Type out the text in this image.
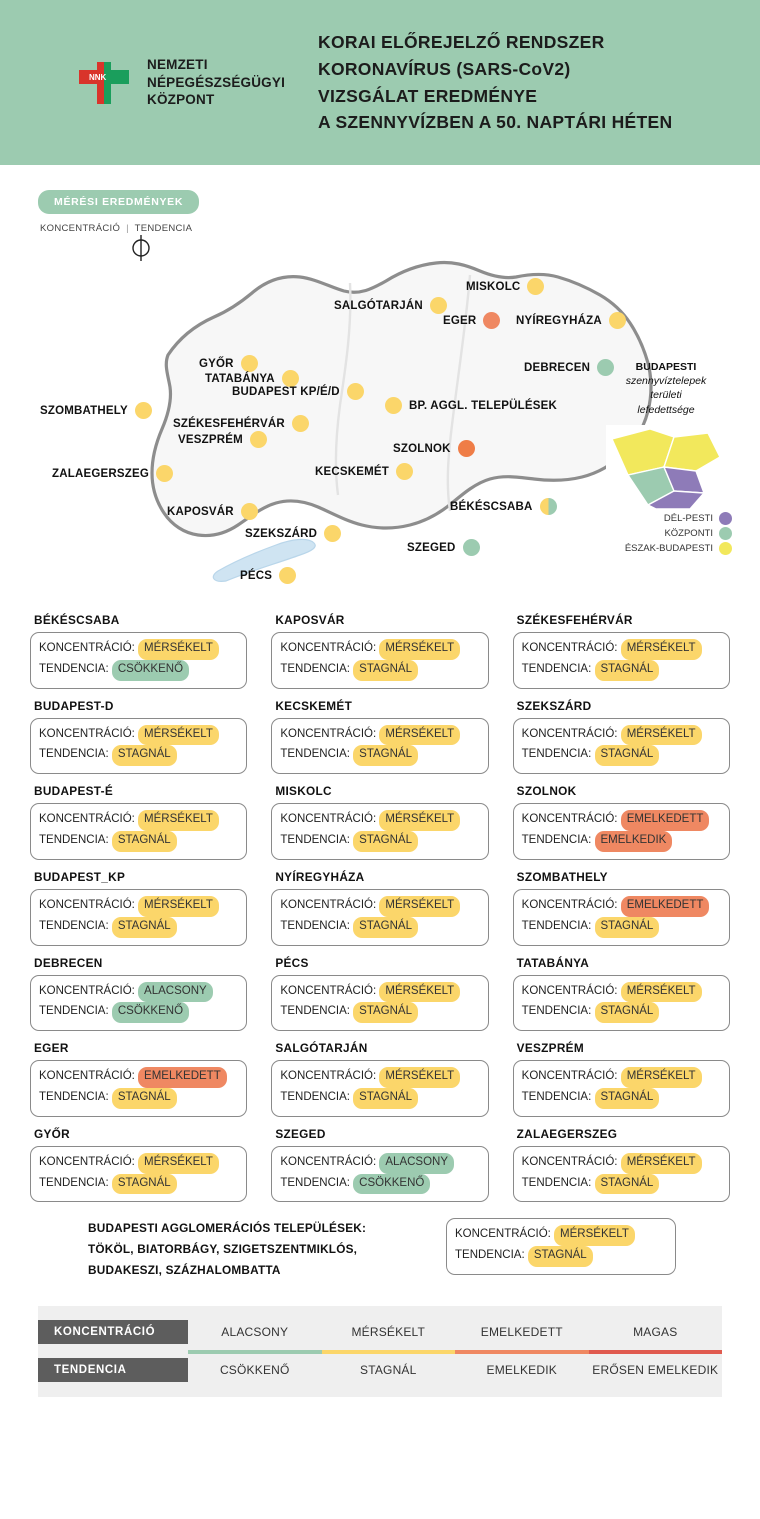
NNK
NEMZETI
NÉPEGÉSZSÉGÜGYI
KÖZPONT
KORAI ELŐREJELZŐ RENDSZER
KORONAVÍRUS (SARS-CoV2)
VIZSGÁLAT EREDMÉNYE
A SZENNYVÍZBEN A 50. NAPTÁRI HÉTEN
MÉRÉSI EREDMÉNYEK
KONCENTRÁCIÓ | TENDENCIA
BUDAPESTI
szennyvíztelepek
területi
lefedettsége
DÉL-PESTI
KÖZPONTI
ÉSZAK-BUDAPESTI
MISKOLC
SALGÓTARJÁN
EGER	NYÍREGYHÁZA
GYŐR	DEBRECEN
TATABÁNYA
BUDAPEST KP/É/D
BP. AGGL. TELEPÜLÉSEK
SZOMBATHELY
SZÉKESFEHÉRVÁR
VESZPRÉM
SZOLNOK
ZALAEGERSZEG	KECSKEMÉT
BÉKÉSCSABA
KAPOSVÁR
SZEKSZÁRD
SZEGED
PÉCS
BÉKÉSCSABA
KONCENTRÁCIÓ: MÉRSÉKELT
TENDENCIA: CSÖKKENŐ
KAPOSVÁR
KONCENTRÁCIÓ: MÉRSÉKELT
TENDENCIA: STAGNÁL
SZÉKESFEHÉRVÁR
KONCENTRÁCIÓ: MÉRSÉKELT
TENDENCIA: STAGNÁL
BUDAPEST-D
KONCENTRÁCIÓ: MÉRSÉKELT
TENDENCIA: STAGNÁL
KECSKEMÉT
KONCENTRÁCIÓ: MÉRSÉKELT
TENDENCIA: STAGNÁL
SZEKSZÁRD
KONCENTRÁCIÓ: MÉRSÉKELT
TENDENCIA: STAGNÁL
BUDAPEST-É
KONCENTRÁCIÓ: MÉRSÉKELT
TENDENCIA: STAGNÁL
MISKOLC
KONCENTRÁCIÓ: MÉRSÉKELT
TENDENCIA: STAGNÁL
SZOLNOK
KONCENTRÁCIÓ: EMELKEDETT
TENDENCIA: EMELKEDIK
BUDAPEST_KP
KONCENTRÁCIÓ: MÉRSÉKELT
TENDENCIA: STAGNÁL
NYÍREGYHÁZA
KONCENTRÁCIÓ: MÉRSÉKELT
TENDENCIA: STAGNÁL
SZOMBATHELY
KONCENTRÁCIÓ: EMELKEDETT
TENDENCIA: STAGNÁL
DEBRECEN
KONCENTRÁCIÓ: ALACSONY
TENDENCIA: CSÖKKENŐ
PÉCS
KONCENTRÁCIÓ: MÉRSÉKELT
TENDENCIA: STAGNÁL
TATABÁNYA
KONCENTRÁCIÓ: MÉRSÉKELT
TENDENCIA: STAGNÁL
EGER
KONCENTRÁCIÓ: EMELKEDETT
TENDENCIA: STAGNÁL
SALGÓTARJÁN
KONCENTRÁCIÓ: MÉRSÉKELT
TENDENCIA: STAGNÁL
VESZPRÉM
KONCENTRÁCIÓ: MÉRSÉKELT
TENDENCIA: STAGNÁL
GYŐR
KONCENTRÁCIÓ: MÉRSÉKELT
TENDENCIA: STAGNÁL
SZEGED
KONCENTRÁCIÓ: ALACSONY
TENDENCIA: CSÖKKENŐ
ZALAEGERSZEG
KONCENTRÁCIÓ: MÉRSÉKELT
TENDENCIA: STAGNÁL
BUDAPESTI AGGLOMERÁCIÓS TELEPÜLÉSEK:
TÖKÖL, BIATORBÁGY, SZIGETSZENTMIKLÓS,
BUDAKESZI, SZÁZHALOMBATTA
KONCENTRÁCIÓ: MÉRSÉKELT
TENDENCIA: STAGNÁL
KONCENTRÁCIÓ	ALACSONY	MÉRSÉKELT	EMELKEDETT	MAGAS
TENDENCIA	CSÖKKENŐ	STAGNÁL	EMELKEDIK	ERŐSEN EMELKEDIK
